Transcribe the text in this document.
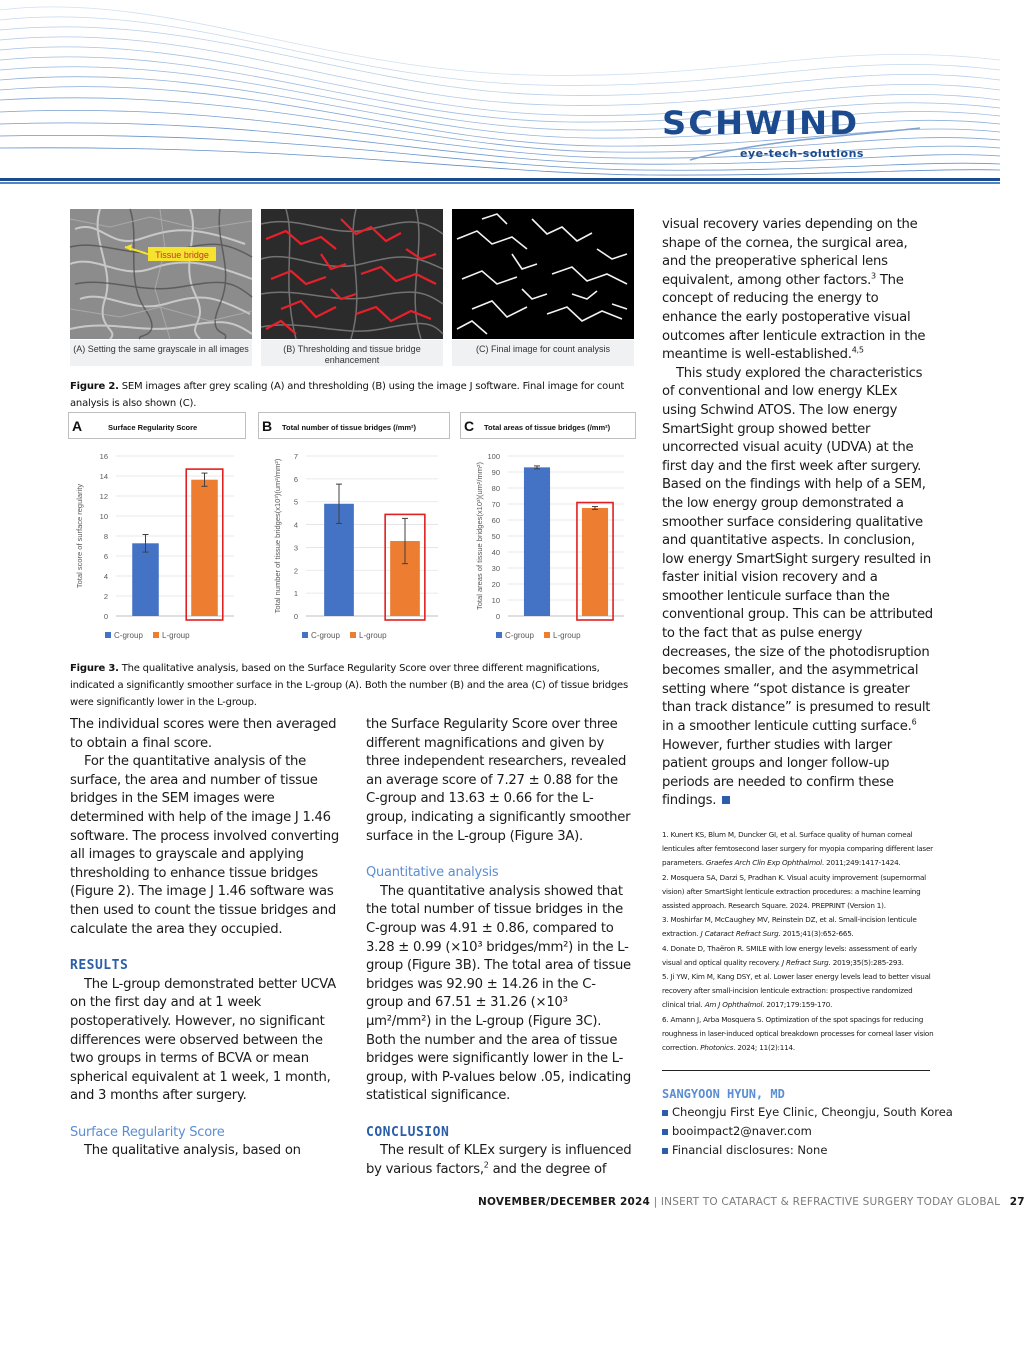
SCHWIND
eye-tech-solutions
Tissue bridge
(A) Setting the same grayscale in all images	(B) Thresholding and tissue bridge enhancement
(C) Final image for count analysis
Figure 2. SEM images after grey scaling (A) and thresholding (B) using the image J software. Final image for count analysis is also shown (C).
A	Surface Regularity Score
0
2
4
6
8
10
12
14
16
Total score of surface regularity
C-group L-group
B Total number of tissue bridges (/mm²)
0
1
2
3
4
5
6
7
Total number of tissue bridges(x10³)(um²/mm²)
C-group L-group
C Total areas of tissue bridges (/mm²)
0
10
20
30
40
50
60
70
80
90
100
Total areas of tissue bridges(x10³)(um²/mm²)
C-group L-group
Figure 3. The qualitative analysis, based on the Surface Regularity Score over three different magnifications, indicated a significantly smoother surface in the L-group (A). Both the number (B) and the area (C) of tissue bridges were significantly lower in the L-group.

The individual scores were then averaged to obtain a final score.

For the quantitative analysis of the surface, the area and number of tissue bridges in the SEM images were determined with help of the image J 1.46 software. The process involved converting all images to grayscale and applying thresholding to enhance tissue bridges (Figure 2). The image J 1.46 software was then used to count the tissue bridges and calculate the area they occupied.

RESULTS

The L-group demonstrated better UCVA on the first day and at 1 week postoperatively. However, no significant differences were observed between the two groups in terms of BCVA or mean spherical equivalent at 1 week, 1 month, and 3 months after surgery.

Surface Regularity Score

The qualitative analysis, based on

the Surface Regularity Score over three different magnifications and given by three independent researchers, revealed an average score of 7.27 ± 0.88 for the C-group and 13.63 ± 0.66 for the L-group, indicating a significantly smoother surface in the L-group (Figure 3A).

Quantitative analysis

The quantitative analysis showed that the total number of tissue bridges in the C-group was 4.91 ± 0.86, compared to 3.28 ± 0.99 (×10³ bridges/mm²) in the L-group (Figure 3B). The total area of tissue bridges was 92.90 ± 14.26 in the C-group and 67.51 ± 31.26 (×10³ µm²/mm²) in the L-group (Figure 3C). Both the number and the area of tissue bridges were significantly lower in the L-group, with P-values below .05, indicating statistical significance.

CONCLUSION

The result of KLEx surgery is influenced by various factors,$^2$ and the degree of

visual recovery varies depending on the shape of the cornea, the surgical area, and the preoperative spherical lens equivalent, among other factors.$^3$ The concept of reducing the energy to enhance the early postoperative visual outcomes after lenticule extraction in the meantime is well-established.$^{4,5}$

This study explored the characteristics of conventional and low energy KLEx using Schwind ATOS. The low energy SmartSight group showed better uncorrected visual acuity (UDVA) at the first day and the first week after surgery. Based on the findings with help of a SEM, the low energy group demonstrated a smoother surface considering qualitative and quantitative aspects. In conclusion, low energy SmartSight surgery resulted in faster initial vision recovery and a smoother lenticule surface than the conventional group. This can be attributed to the fact that as pulse energy decreases, the size of the photodisruption becomes smaller, and the asymmetrical setting where “spot distance is greater than track distance” is presumed to result in a smoother lenticule cutting surface.$^6$ However, further studies with larger patient groups and longer follow-up periods are needed to confirm these findings.

1. Kunert KS, Blum M, Duncker GI, et al. Surface quality of human corneal lenticules after femtosecond laser surgery for myopia comparing different laser parameters. Graefes Arch Clin Exp Ophthalmol. 2011;249:1417-1424.
2. Mosquera SA, Darzi S, Pradhan K. Visual acuity improvement (supernormal vision) after SmartSight lenticule extraction procedures: a machine learning assisted approach. Research Square. 2024. PREPRINT (Version 1).
3. Moshirfar M, McCaughey MV, Reinstein DZ, et al. Small-incision lenticule extraction. J Cataract Refract Surg. 2015;41(3):652-665.
4. Donate D, Thaëron R. SMILE with low energy levels: assessment of early visual and optical quality recovery. J Refract Surg. 2019;35(5):285-293.
5. Ji YW, Kim M, Kang DSY, et al. Lower laser energy levels lead to better visual recovery after small-incision lenticule extraction: prospective randomized clinical trial. Am J Ophthalmol. 2017;179:159-170.
6. Amann J, Arba Mosquera S. Optimization of the spot spacings for reducing roughness in laser-induced optical breakdown processes for corneal laser vision correction. Photonics. 2024; 11(2):114.
SANGYOON HYUN, MD
Cheongju First Eye Clinic, Cheongju, South Korea
booimpact2@naver.com
Financial disclosures: None
NOVEMBER/DECEMBER 2024 | INSERT TO CATARACT & REFRACTIVE SURGERY TODAY GLOBAL 27
